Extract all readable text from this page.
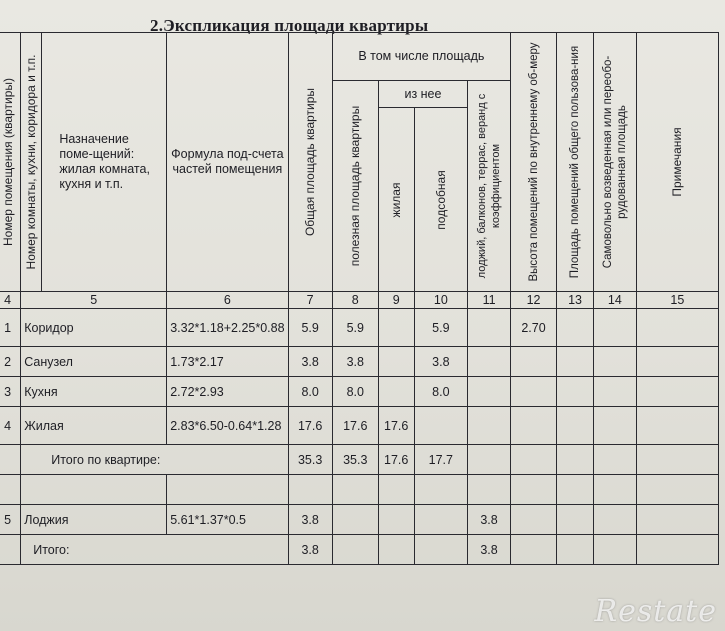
2.Экспликация площади квартиры
Номер помещения (квартиры)	Номер комнаты, кухни, коридора и т.п.	Назначение поме-щений: жилая комната, кухня и т.п.	Формула под-счета частей помещения	Общая площадь квартиры	В том числе площадь				Высота помещений по внутреннему об-меру	Площадь помещений общего пользова-ния	Самовольно возведенная или переобо-рудованная площадь	Примечания

					полезная площадь квартиры	из нее		лоджий, балконов, террас, веранд с коэффициентом				

						жилая	подсобная					

4	5		6	7	8	9	10	11	12	13	14	15
1	Коридор		3.32*1.18+2.25*0.88	5.9	5.9		5.9		2.70			
2	Санузел		1.73*2.17	3.8	3.8		3.8					
3	Кухня		2.72*2.93	8.0	8.0		8.0					
4	Жилая		2.83*6.50-0.64*1.28	17.6	17.6	17.6						
	Итого по квартире:			35.3	35.3	17.6	17.7					

5	Лоджия		5.61*1.37*0.5	3.8				3.8				
	Итого:			3.8				3.8				
Restate
